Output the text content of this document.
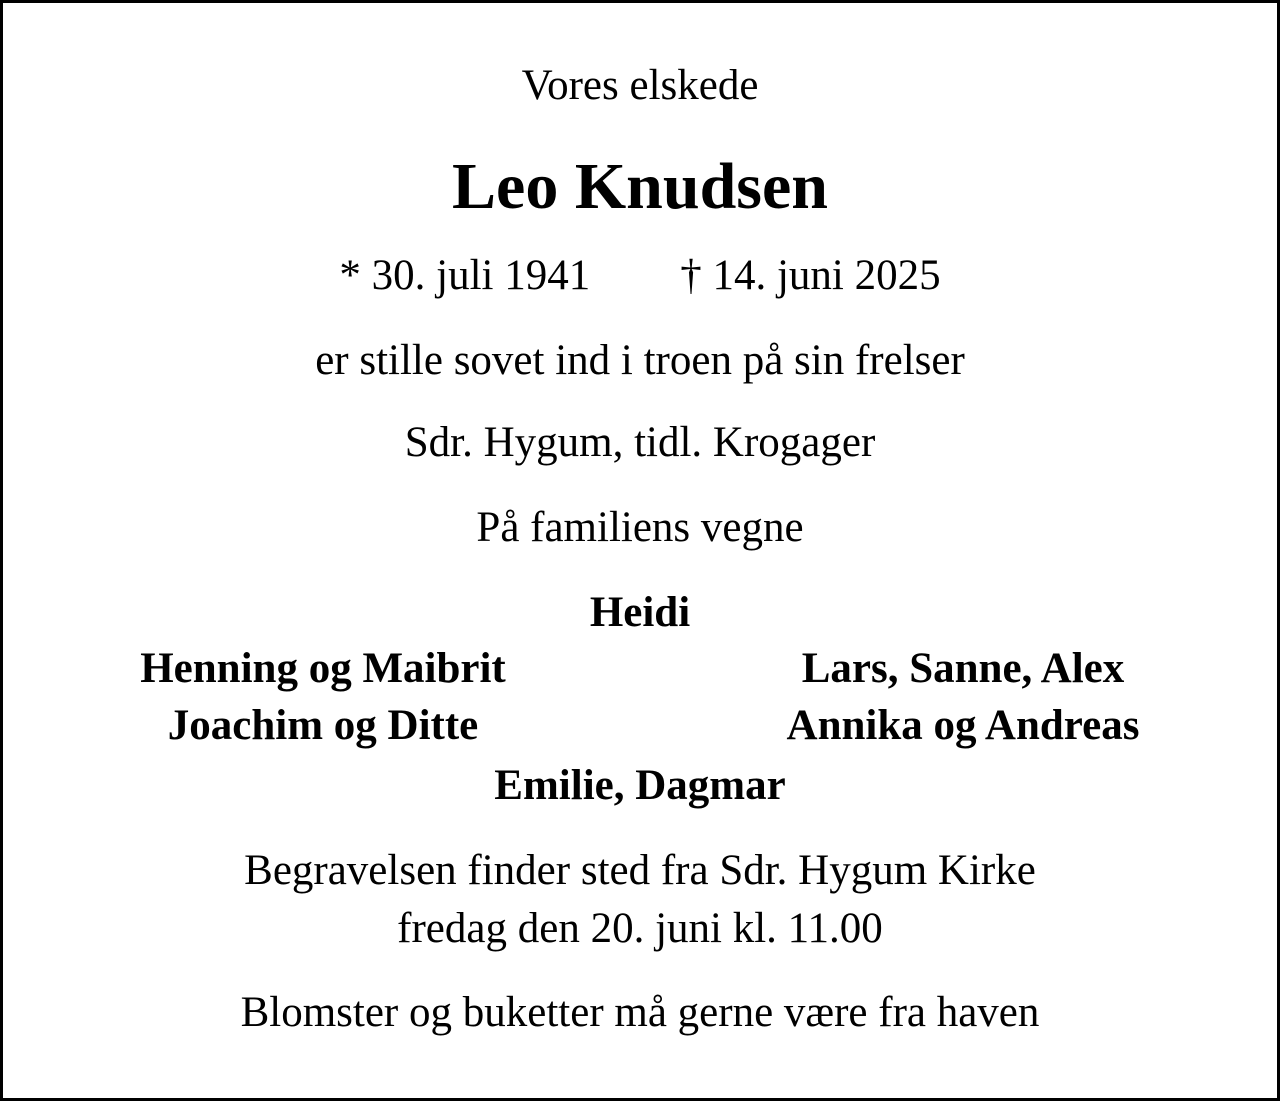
Vores elskede
Leo Knudsen
* 30. juli 1941 † 14. juni 2025
er stille sovet ind i troen på sin frelser
Sdr. Hygum, tidl. Krogager
På familiens vegne
Heidi
Henning og Maibrit	Lars, Sanne, Alex
Joachim og Ditte	Annika og Andreas
Emilie, Dagmar
Begravelsen finder sted fra Sdr. Hygum Kirke
fredag den 20. juni kl. 11.00
Blomster og buketter må gerne være fra haven
